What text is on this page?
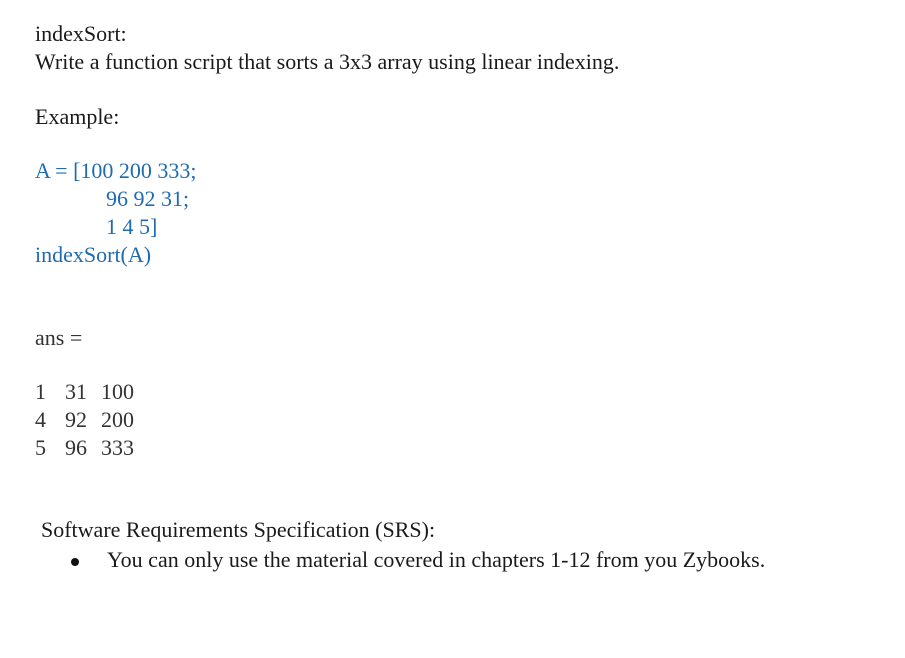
indexSort:
Write a function script that sorts a 3x3 array using linear indexing.
Example:
A = [100 200 333;
96 92 31;
1 4 5]
indexSort(A)
ans =
1 31 100
4 92 200
5 96 333
Software Requirements Specification (SRS):
You can only use the material covered in chapters 1-12 from you Zybooks.
